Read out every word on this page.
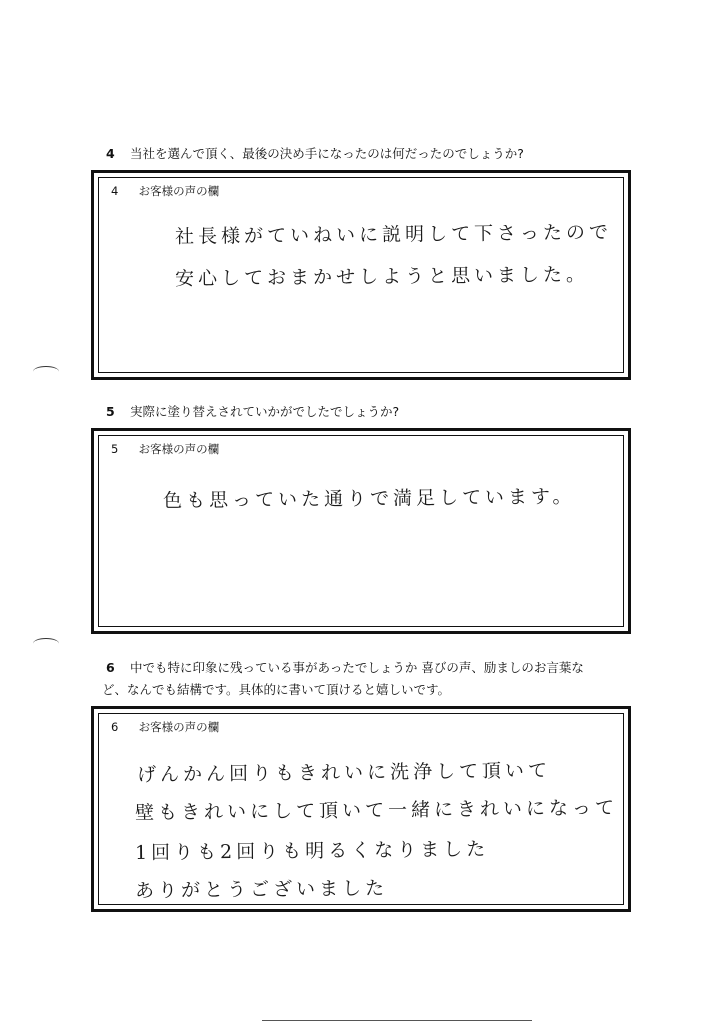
4 当社を選んで頂く、最後の決め手になったのは何だったのでしょうか?
4 お客様の声の欄
社長様がていねいに説明して下さったので
安心しておまかせしようと思いました。
5 実際に塗り替えされていかがでしたでしょうか?
5 お客様の声の欄
色も思っていた通りで満足しています。
6 中でも特に印象に残っている事があったでしょうか 喜びの声、励ましのお言葉な
ど、なんでも結構です。具体的に書いて頂けると嬉しいです。
6 お客様の声の欄
げんかん回りもきれいに洗浄して頂いて
壁もきれいにして頂いて一緒にきれいになって
1回りも2回りも明るくなりました
ありがとうございました
